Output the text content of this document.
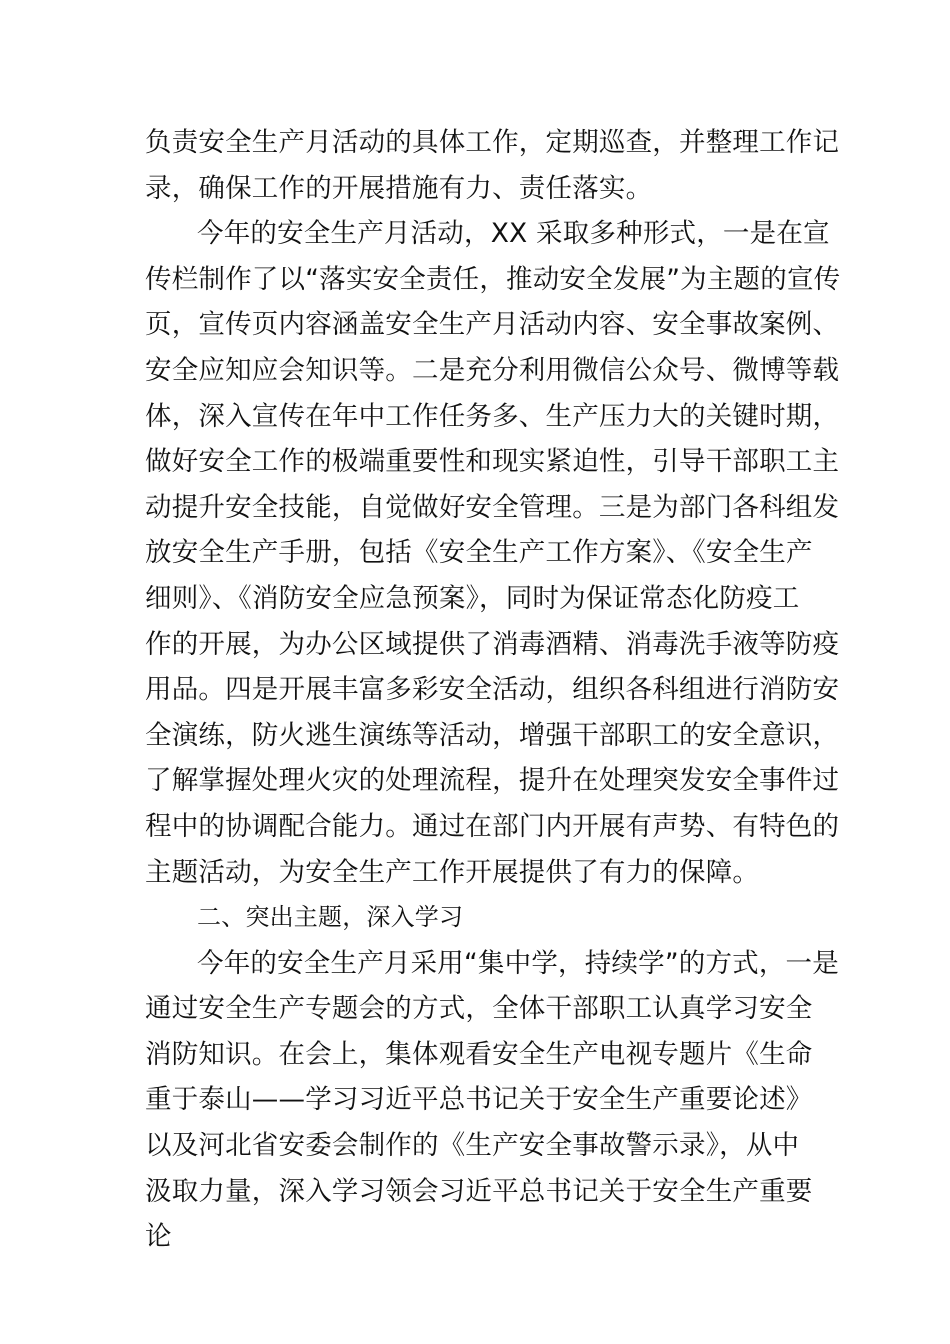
负责安全生产月活动的具体工作，定期巡查，并整理工作记
录，确保工作的开展措施有力、责任落实。
今年的安全生产月活动，XX 采取多种形式，一是在宣
传栏制作了以“落实安全责任，推动安全发展”为主题的宣传
页，宣传页内容涵盖安全生产月活动内容、安全事故案例、
安全应知应会知识等。二是充分利用微信公众号、微博等载
体，深入宣传在年中工作任务多、生产压力大的关键时期，
做好安全工作的极端重要性和现实紧迫性，引导干部职工主
动提升安全技能，自觉做好安全管理。三是为部门各科组发
放安全生产手册，包括《安全生产工作方案》、《安全生产
细则》、《消防安全应急预案》，同时为保证常态化防疫工
作的开展，为办公区域提供了消毒酒精、消毒洗手液等防疫
用品。四是开展丰富多彩安全活动，组织各科组进行消防安
全演练，防火逃生演练等活动，增强干部职工的安全意识，
了解掌握处理火灾的处理流程，提升在处理突发安全事件过
程中的协调配合能力。通过在部门内开展有声势、有特色的
主题活动，为安全生产工作开展提供了有力的保障。
二、突出主题，深入学习
今年的安全生产月采用“集中学，持续学”的方式，一是
通过安全生产专题会的方式，全体干部职工认真学习安全
消防知识。在会上，集体观看安全生产电视专题片《生命
重于泰山——学习习近平总书记关于安全生产重要论述》
以及河北省安委会制作的《生产安全事故警示录》，从中
汲取力量，深入学习领会习近平总书记关于安全生产重要
论
